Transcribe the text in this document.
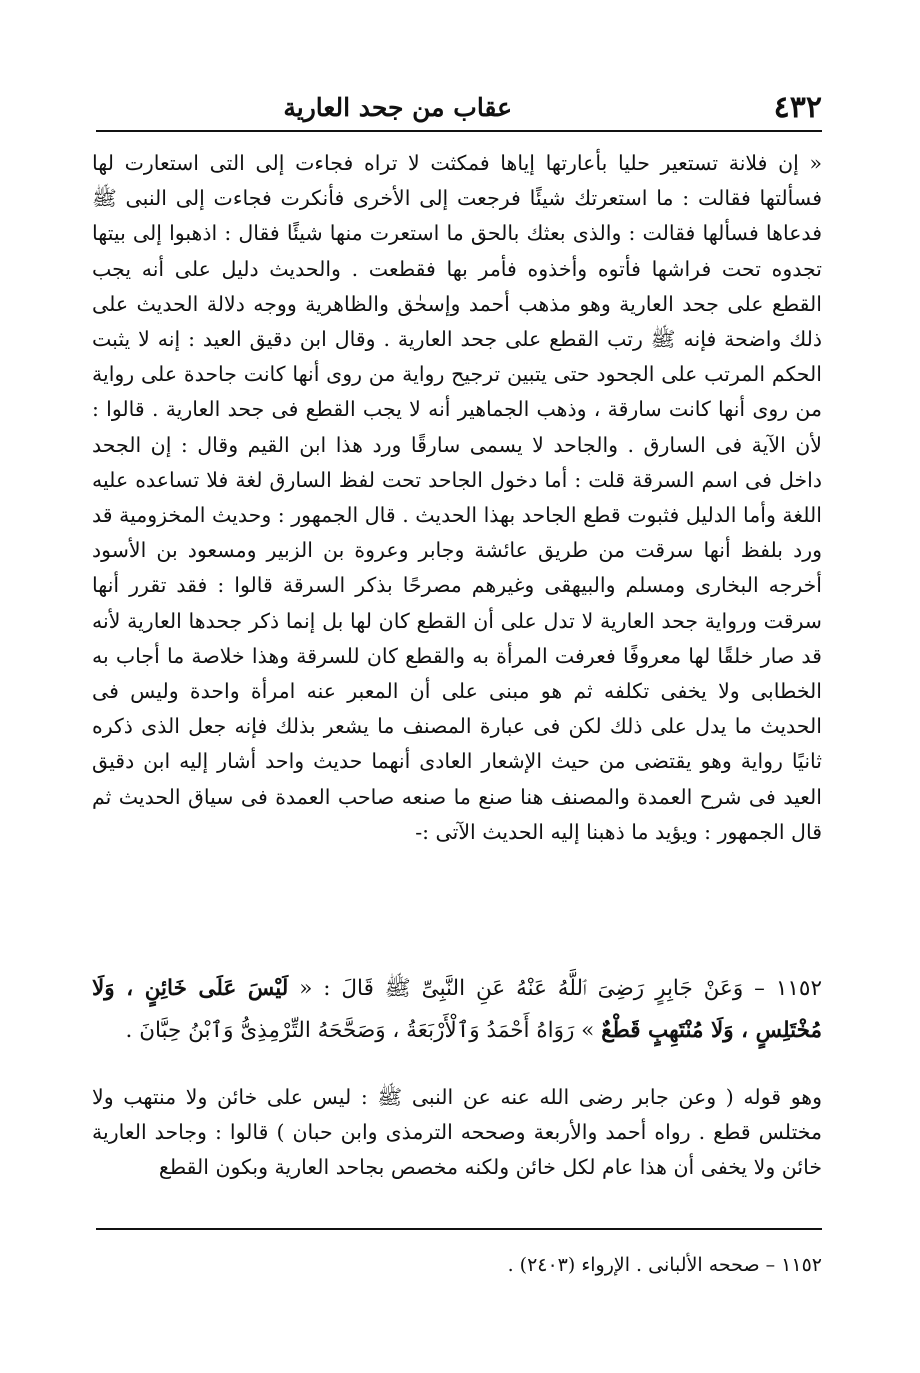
٤٣٢
عقاب من جحد العارية

« إن فلانة تستعير حليا بأعارتها إياها فمكثت لا تراه فجاءت إلى التى استعارت لها فسألتها فقالت : ما استعرتك شيئًا فرجعت إلى الأخرى فأنكرت فجاءت إلى النبى ﷺ فدعاها فسألها فقالت : والذى بعثك بالحق ما استعرت منها شيئًا فقال : اذهبوا إلى بيتها تجدوه تحت فراشها فأتوه وأخذوه فأمر بها فقطعت . والحديث دليل على أنه يجب القطع على جحد العارية وهو مذهب أحمد وإسحٰق والظاهرية ووجه دلالة الحديث على ذلك واضحة فإنه ﷺ رتب القطع على جحد العارية . وقال ابن دقيق العيد : إنه لا يثبت الحكم المرتب على الجحود حتى يتبين ترجيح رواية من روى أنها كانت جاحدة على رواية من روى أنها كانت سارقة ، وذهب الجماهير أنه لا يجب القطع فى جحد العارية . قالوا : لأن الآية فى السارق . والجاحد لا يسمى سارقًا ورد هذا ابن القيم وقال : إن الجحد داخل فى اسم السرقة قلت : أما دخول الجاحد تحت لفظ السارق لغة فلا تساعده عليه اللغة وأما الدليل فثبوت قطع الجاحد بهذا الحديث . قال الجمهور : وحديث المخزومية قد ورد بلفظ أنها سرقت من طريق عائشة وجابر وعروة بن الزبير ومسعود بن الأسود أخرجه البخارى ومسلم والبيهقى وغيرهم مصرحًا بذكر السرقة قالوا : فقد تقرر أنها سرقت ورواية جحد العارية لا تدل على أن القطع كان لها بل إنما ذكر جحدها العارية لأنه قد صار خلقًا لها معروفًا فعرفت المرأة به والقطع كان للسرقة وهذا خلاصة ما أجاب به الخطابى ولا يخفى تكلفه ثم هو مبنى على أن المعبر عنه امرأة واحدة وليس فى الحديث ما يدل على ذلك لكن فى عبارة المصنف ما يشعر بذلك فإنه جعل الذى ذكره ثانيًا رواية وهو يقتضى من حيث الإشعار العادى أنهما حديث واحد أشار إليه ابن دقيق العيد فى شرح العمدة والمصنف هنا صنع ما صنعه صاحب العمدة فى سياق الحديث ثم قال الجمهور : ويؤيد ما ذهبنا إليه الحديث الآتى :-

١١٥٢ – وَعَنْ جَابِرٍ رَضِىَ ٱللَّهُ عَنْهُ عَنِ النَّبِىِّ ﷺ قَالَ : « لَيْسَ عَلَى خَائِنٍ ، وَلَا مُخْتَلِسٍ ، وَلَا مُنْتَهِبٍ قَطْعٌ » رَوَاهُ أَحْمَدُ وَٱلْأَرْبَعَةُ ، وَصَحَّحَهُ التِّرْمِذِىُّ وَٱبْنُ حِبَّانَ .

وهو قوله ( وعن جابر رضى الله عنه عن النبى ﷺ : ليس على خائن ولا منتهب ولا مختلس قطع . رواه أحمد والأربعة وصححه الترمذى وابن حبان ) قالوا : وجاحد العارية خائن ولا يخفى أن هذا عام لكل خائن ولكنه مخصص بجاحد العارية وبكون القطع

١١٥٢ – صححه الألبانى . الإرواء (٢٤٠٣) .
